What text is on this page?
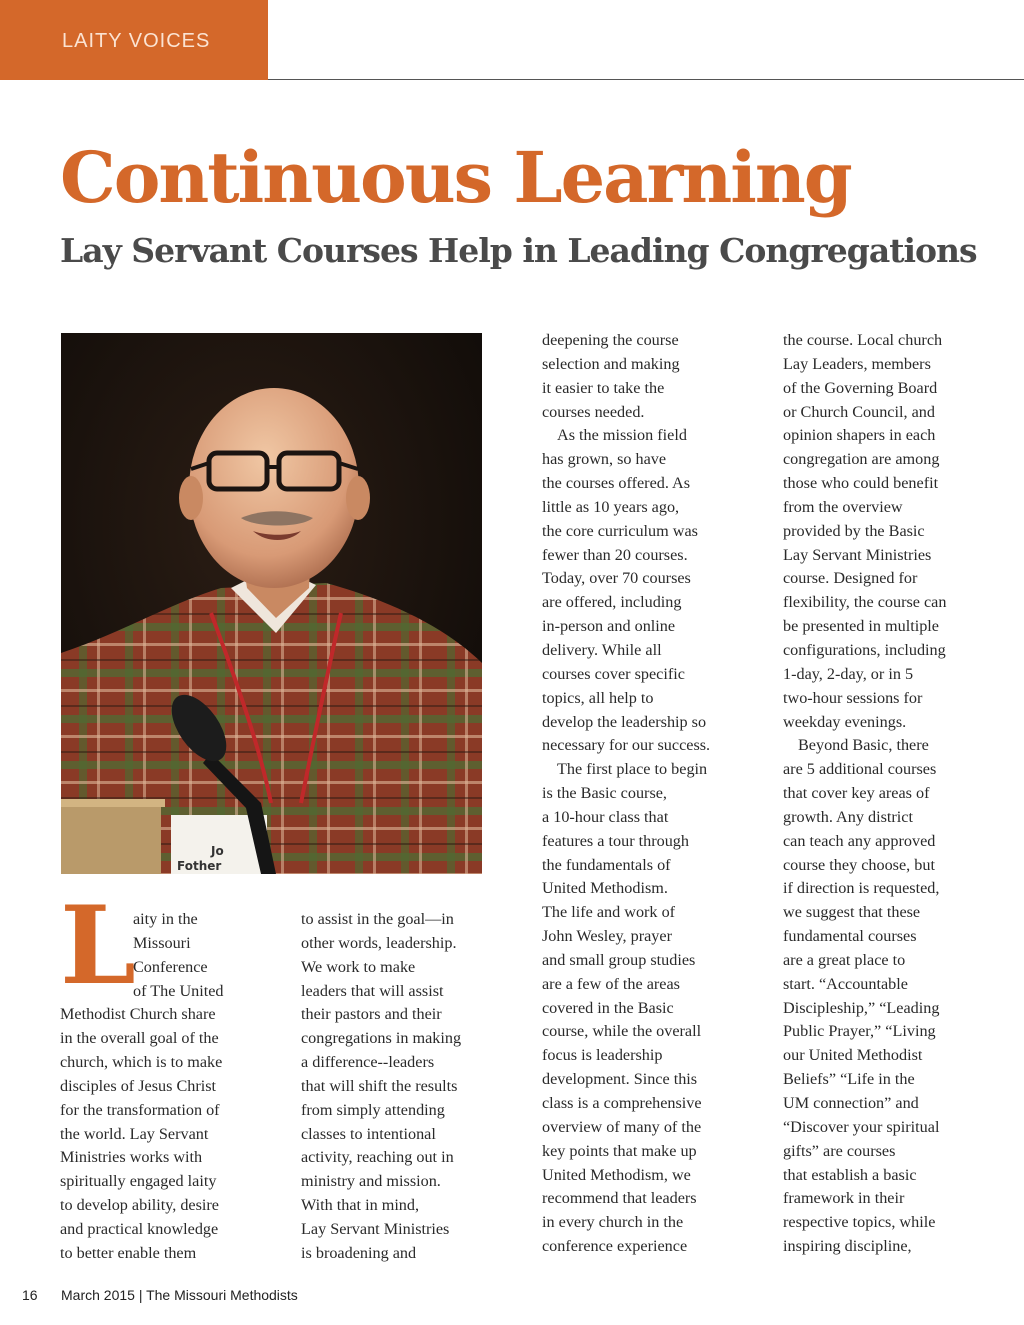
LAITY VOICES
Continuous Learning
Lay Servant Courses Help in Leading Congregations
Jo
Fother
L
aity in the
Missouri
Conference
of The United
Methodist Church share
in the overall goal of the
church, which is to make
disciples of Jesus Christ
for the transformation of
the world. Lay Servant
Ministries works with
spiritually engaged laity
to develop ability, desire
and practical knowledge
to better enable them
to assist in the goal—in
other words, leadership.
We work to make
leaders that will assist
their pastors and their
congregations in making
a difference--leaders
that will shift the results
from simply attending
classes to intentional
activity, reaching out in
ministry and mission.
With that in mind,
Lay Servant Ministries
is broadening and
deepening the course
selection and making
it easier to take the
courses needed.
As the mission field
has grown, so have
the courses offered. As
little as 10 years ago,
the core curriculum was
fewer than 20 courses.
Today, over 70 courses
are offered, including
in-person and online
delivery. While all
courses cover specific
topics, all help to
develop the leadership so
necessary for our success.
The first place to begin
is the Basic course,
a 10-hour class that
features a tour through
the fundamentals of
United Methodism.
The life and work of
John Wesley, prayer
and small group studies
are a few of the areas
covered in the Basic
course, while the overall
focus is leadership
development. Since this
class is a comprehensive
overview of many of the
key points that make up
United Methodism, we
recommend that leaders
in every church in the
conference experience
the course. Local church
Lay Leaders, members
of the Governing Board
or Church Council, and
opinion shapers in each
congregation are among
those who could benefit
from the overview
provided by the Basic
Lay Servant Ministries
course. Designed for
flexibility, the course can
be presented in multiple
configurations, including
1-day, 2-day, or in 5
two-hour sessions for
weekday evenings.
Beyond Basic, there
are 5 additional courses
that cover key areas of
growth. Any district
can teach any approved
course they choose, but
if direction is requested,
we suggest that these
fundamental courses
are a great place to
start. “Accountable
Discipleship,” “Leading
Public Prayer,” “Living
our United Methodist
Beliefs” “Life in the
UM connection” and
“Discover your spiritual
gifts” are courses
that establish a basic
framework in their
respective topics, while
inspiring discipline,
16 March 2015 | The Missouri Methodists
